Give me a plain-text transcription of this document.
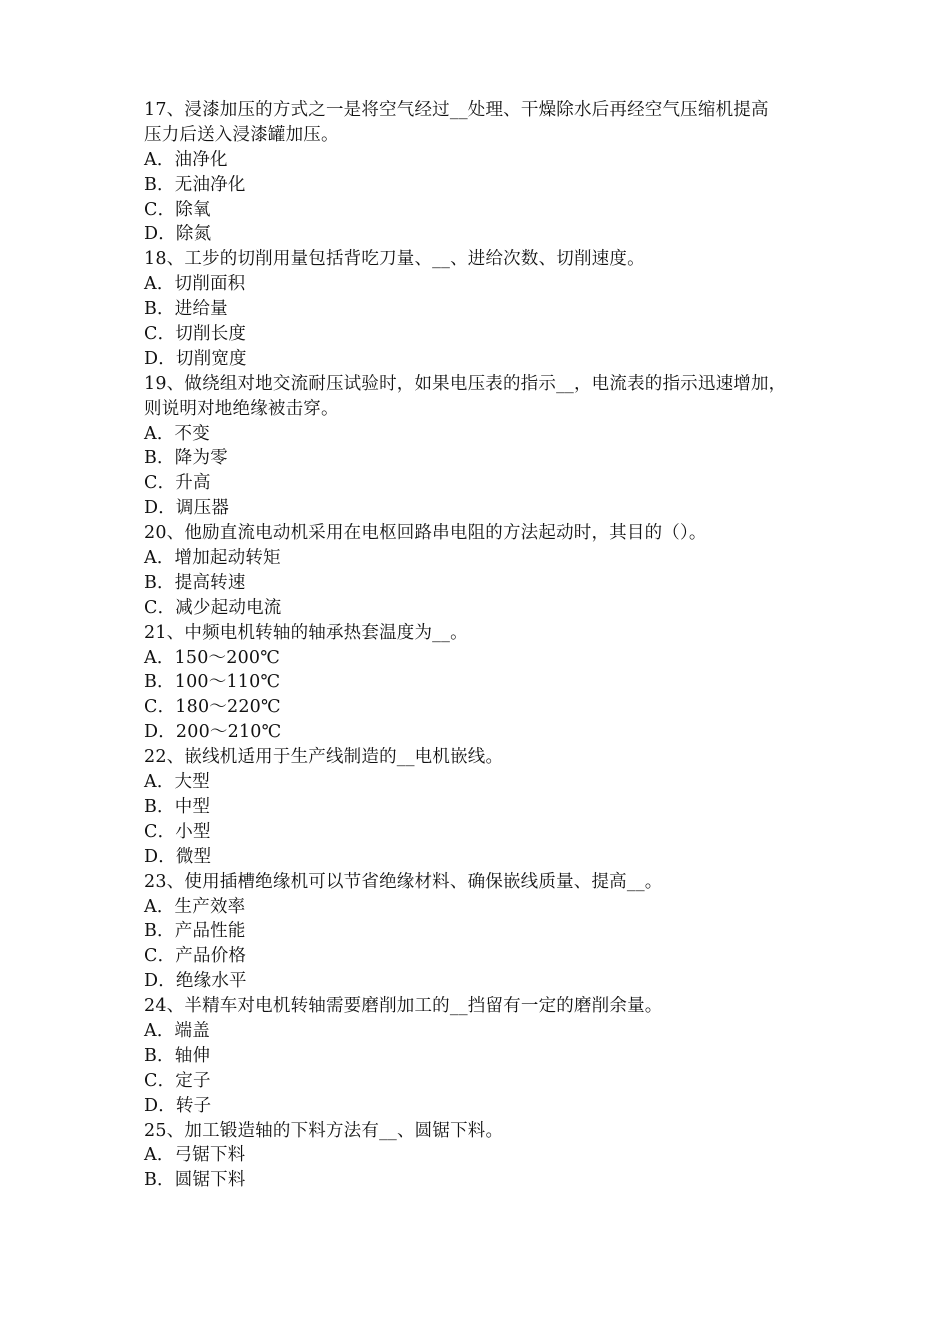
17、浸漆加压的方式之一是将空气经过__处理、干燥除水后再经空气压缩机提高
压力后送入浸漆罐加压。
A．油净化
B．无油净化
C．除氧
D．除氮
18、工步的切削用量包括背吃刀量、__、进给次数、切削速度。
A．切削面积
B．进给量
C．切削长度
D．切削宽度
19、做绕组对地交流耐压试验时，如果电压表的指示__，电流表的指示迅速增加，
则说明对地绝缘被击穿。
A．不变
B．降为零
C．升高
D．调压器
20、他励直流电动机采用在电枢回路串电阻的方法起动时，其目的（）。
A．增加起动转矩
B．提高转速
C．减少起动电流
21、中频电机转轴的轴承热套温度为__。
A．150～200℃
B．100～110℃
C．180～220℃
D．200～210℃
22、嵌线机适用于生产线制造的__电机嵌线。
A．大型
B．中型
C．小型
D．微型
23、使用插槽绝缘机可以节省绝缘材料、确保嵌线质量、提高__。
A．生产效率
B．产品性能
C．产品价格
D．绝缘水平
24、半精车对电机转轴需要磨削加工的__挡留有一定的磨削余量。
A．端盖
B．轴伸
C．定子
D．转子
25、加工锻造轴的下料方法有__、圆锯下料。
A．弓锯下料
B．圆锯下料
